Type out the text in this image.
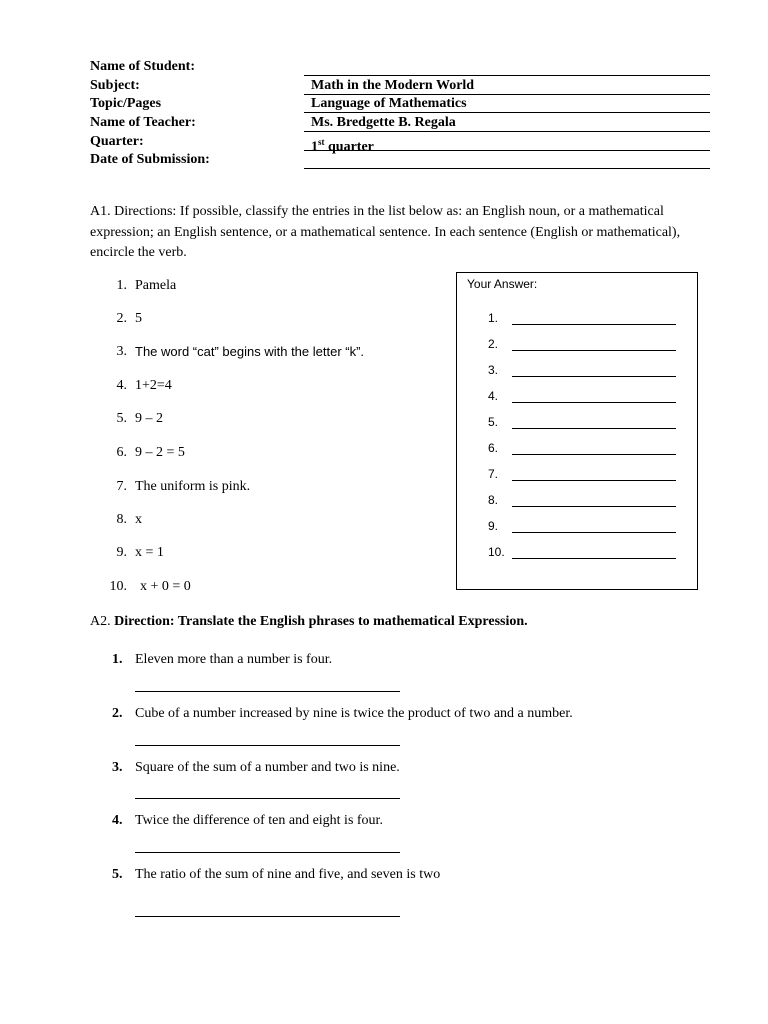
Name of Student:
Subject:
Topic/Pages
Name of Teacher:
Quarter:
Date of Submission:
Math in the Modern World
Language of Mathematics
Ms. Bredgette B. Regala
1st quarter
A1. Directions: If possible, classify the entries in the list below as: an English noun, or a mathematical expression; an English sentence, or a mathematical sentence. In each sentence (English or mathematical), encircle the verb.
1. Pamela
2. 5
3. The word “cat” begins with the letter “k”.
4. 1+2=4
5. 9 – 2
6. 9 – 2 = 5
7. The uniform is pink.
8. x
9. x = 1
10. x + 0 = 0
Your Answer:
1.
2.
3.
4.
5.
6.
7.
8.
9.
10.
A2. Direction: Translate the English phrases to mathematical Expression.
1. Eleven more than a number is four.
2. Cube of a number increased by nine is twice the product of two and a number.
3. Square of the sum of a number and two is nine.
4. Twice the difference of ten and eight is four.
5. The ratio of the sum of nine and five, and seven is two
